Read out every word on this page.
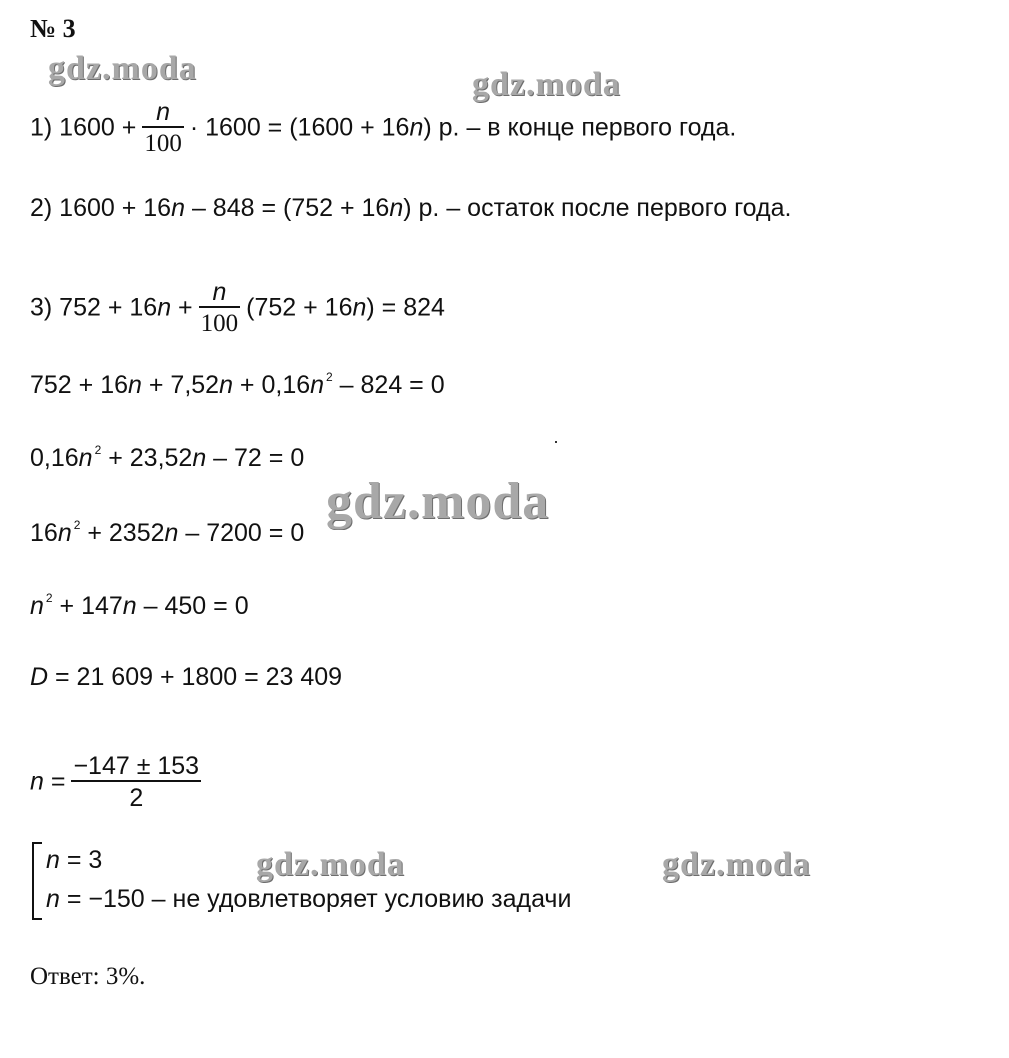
№ 3
gdz.moda	gdz.moda
gdz.moda
gdz.moda	gdz.moda
1) $1600 + \frac{n}{100} \cdot 1600 = (1600 + 16n)$ р. – в конце первого года.
2) 1600 + 16n – 848 = (752 + 16n) р. – остаток после первого года.
3) $752 + 16n + \frac{n}{100} (752 + 16n) = 824$
752 + 16n + 7,52n + 0,16n $^2$ – 824 = 0
0,16n $^2$ + 23,52n – 72 = 0
16n $^2$ + 2352n – 7200 = 0
n $^2$ + 147n – 450 = 0
D = 21 609 + 1800 = 23 409
$n = \frac{-147 \pm 153}{2}$
n = 3
n = −150 – не удовлетворяет условию задачи
Ответ: 3%.
